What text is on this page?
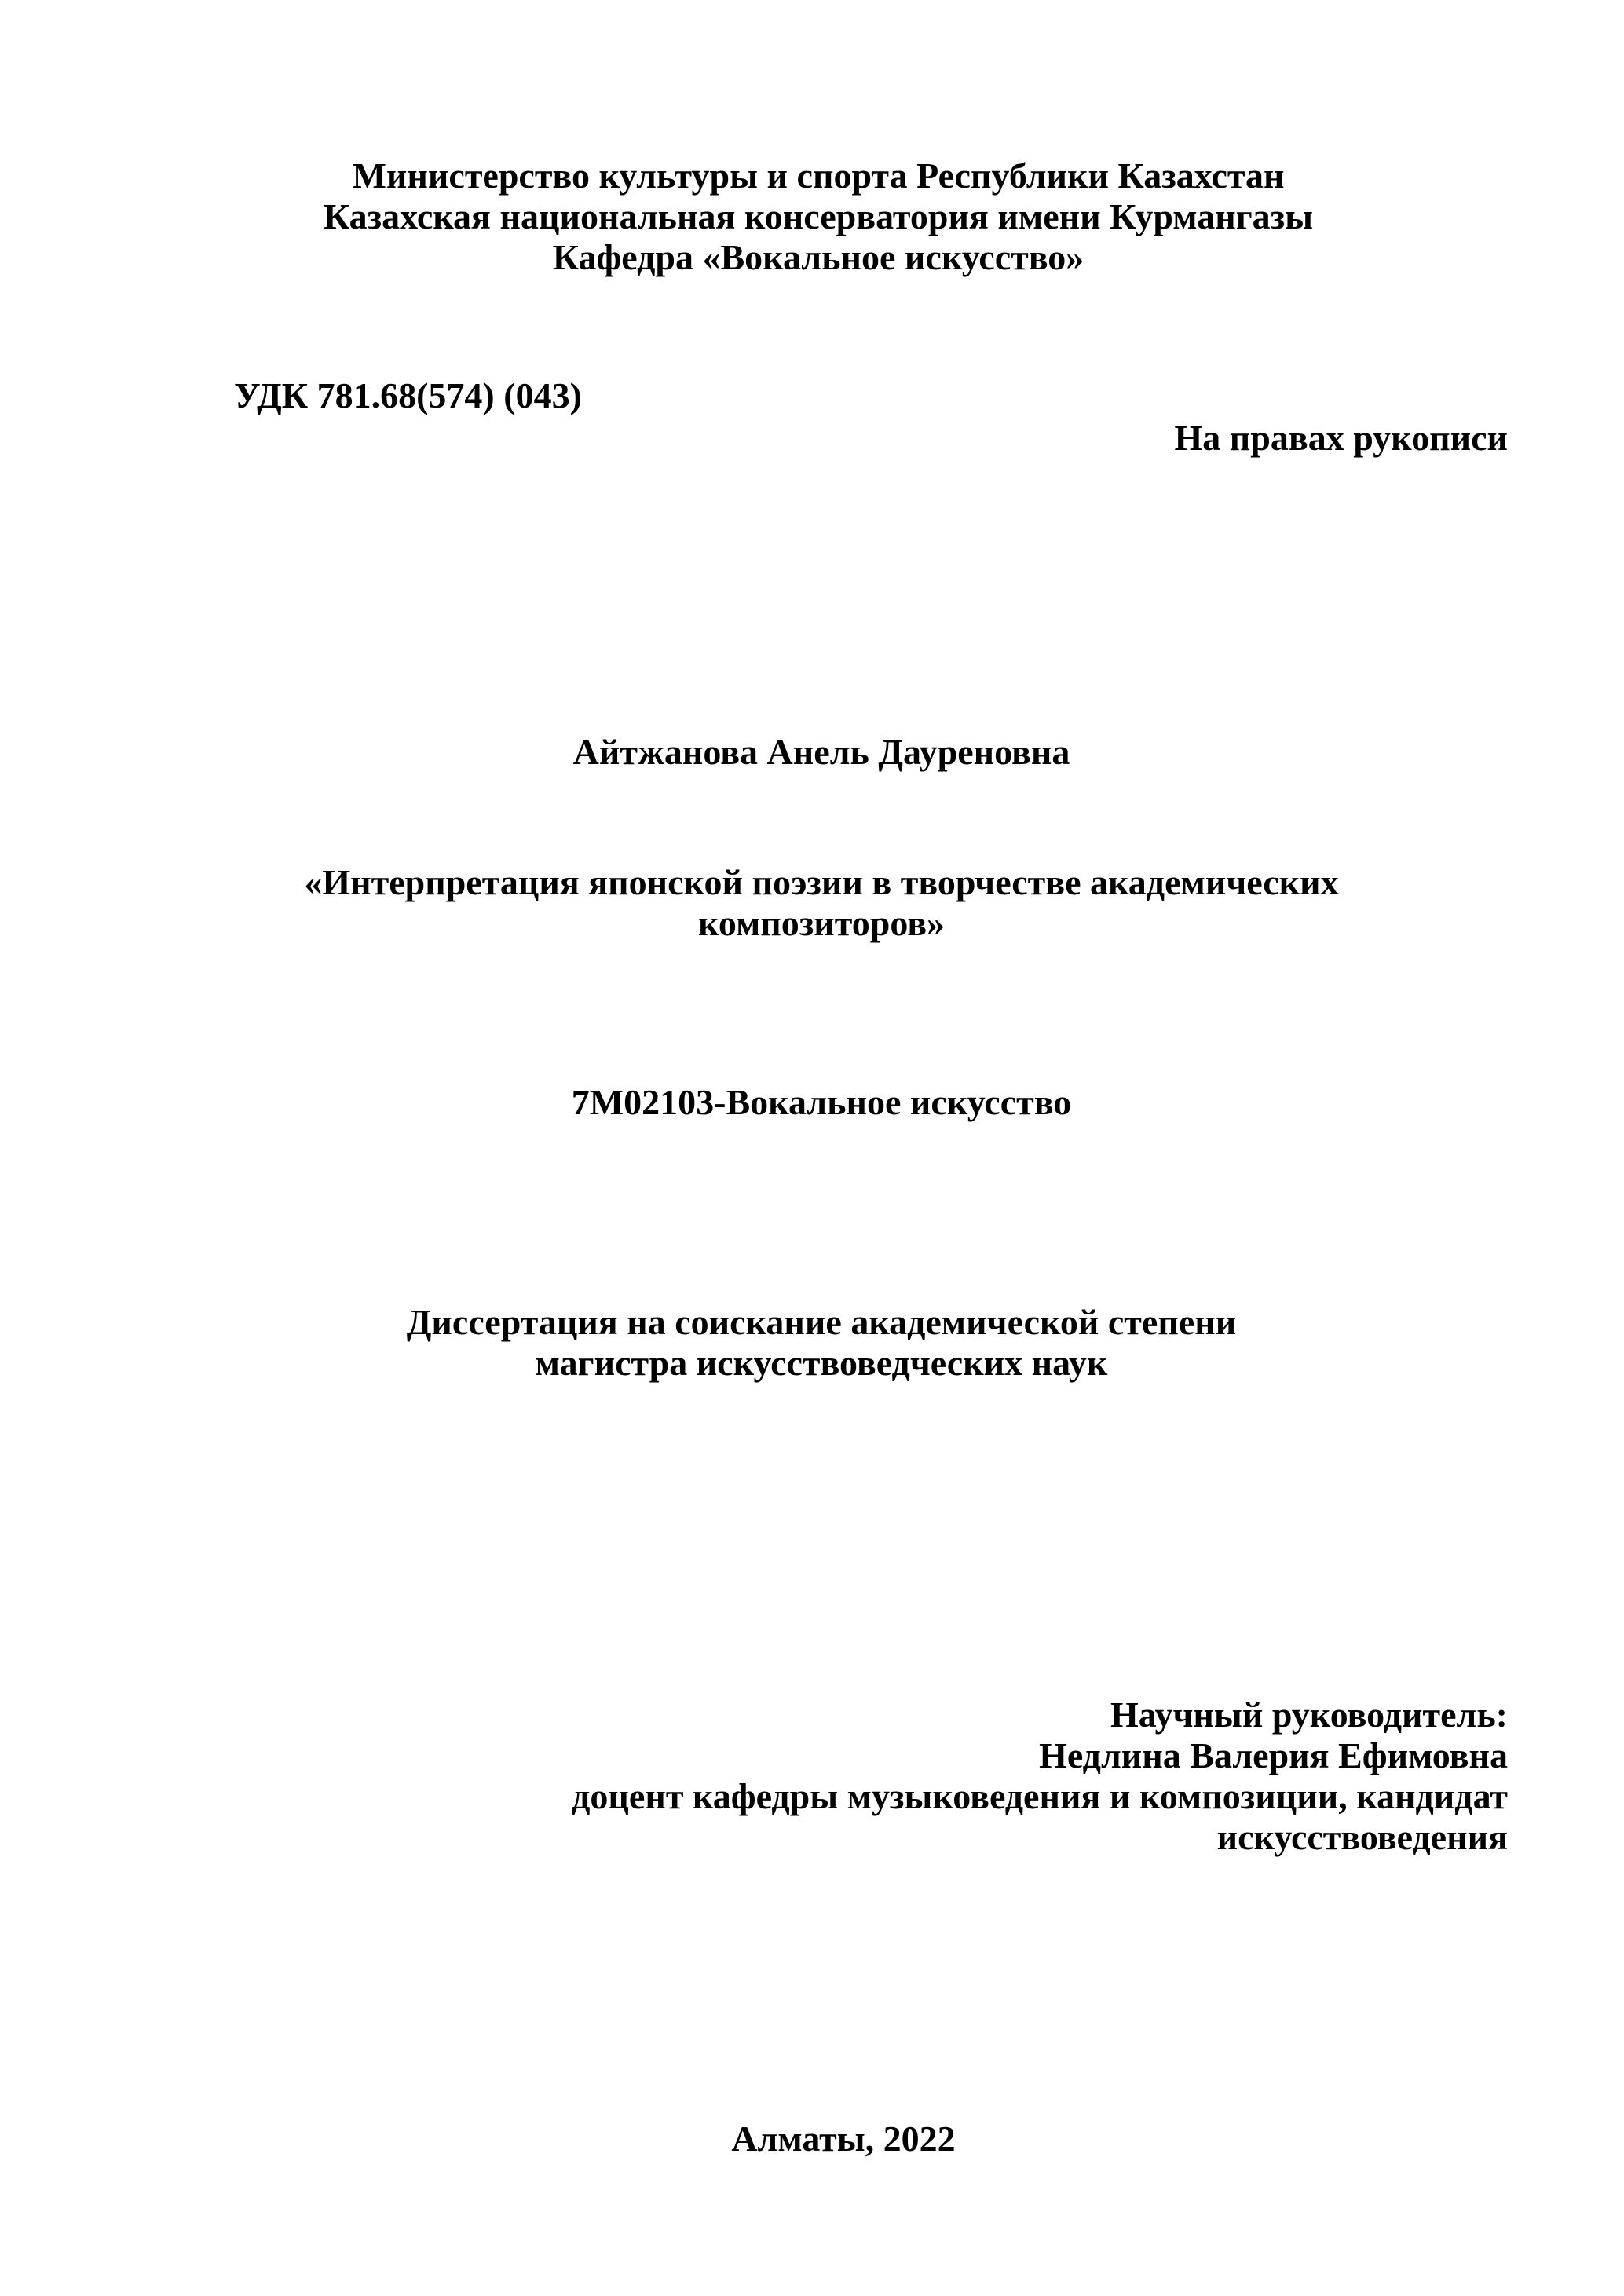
Министерство культуры и спорта Республики Казахстан
Казахская национальная консерватория имени Курмангазы
Кафедра «Вокальное искусство»
УДК 781.68(574) (043)
На правах рукописи
Айтжанова Анель Дауреновна
«Интерпретация японской поэзии в творчестве академических
композиторов»
7M02103-Вокальное искусство
Диссертация на соискание академической степени
магистра искусствоведческих наук
Научный руководитель:
Недлина Валерия Ефимовна
доцент кафедры музыковедения и композиции, кандидат
искусствоведения
Алматы, 2022
